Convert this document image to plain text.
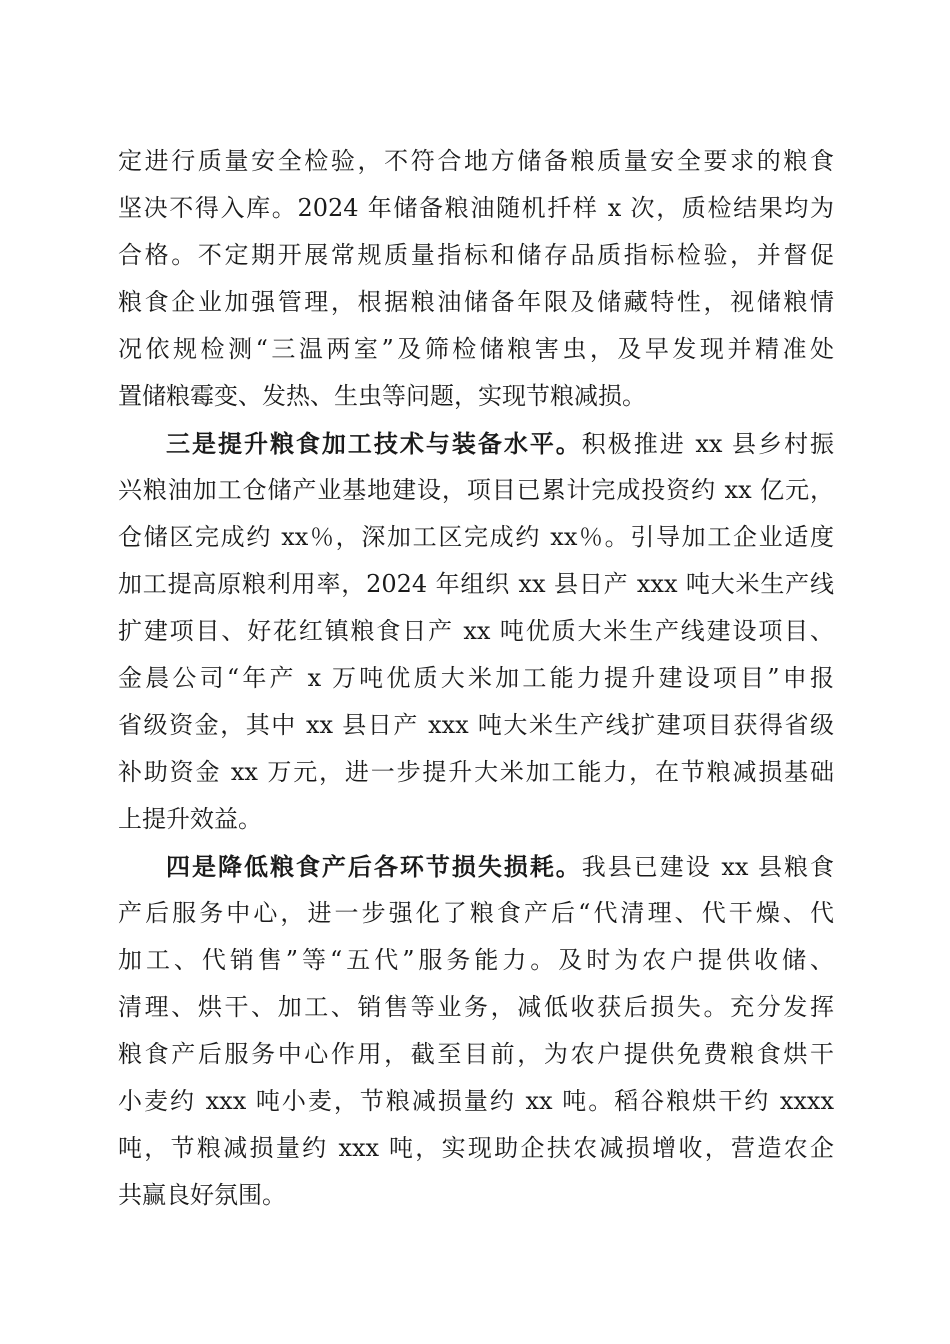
定进行质量安全检验，不符合地方储备粮质量安全要求的粮食
坚决不得入库。2024 年储备粮油随机扦样 x 次，质检结果均为
合格。不定期开展常规质量指标和储存品质指标检验，并督促
粮食企业加强管理，根据粮油储备年限及储藏特性，视储粮情
况依规检测“三温两室”及筛检储粮害虫，及早发现并精准处
置储粮霉变、发热、生虫等问题，实现节粮减损。
三是提升粮食加工技术与装备水平。积极推进 xx 县乡村振
兴粮油加工仓储产业基地建设，项目已累计完成投资约 xx 亿元，
仓储区完成约 xx％，深加工区完成约 xx％。引导加工企业适度
加工提高原粮利用率，2024 年组织 xx 县日产 xxx 吨大米生产线
扩建项目、好花红镇粮食日产 xx 吨优质大米生产线建设项目、
金晨公司“年产 x 万吨优质大米加工能力提升建设项目”申报
省级资金，其中 xx 县日产 xxx 吨大米生产线扩建项目获得省级
补助资金 xx 万元，进一步提升大米加工能力，在节粮减损基础
上提升效益。
四是降低粮食产后各环节损失损耗。我县已建设 xx 县粮食
产后服务中心，进一步强化了粮食产后“代清理、代干燥、代
加工、代销售”等“五代”服务能力。及时为农户提供收储、
清理、烘干、加工、销售等业务，减低收获后损失。充分发挥
粮食产后服务中心作用，截至目前，为农户提供免费粮食烘干
小麦约 xxx 吨小麦，节粮减损量约 xx 吨。稻谷粮烘干约 xxxx
吨，节粮减损量约 xxx 吨，实现助企扶农减损增收，营造农企
共赢良好氛围。
